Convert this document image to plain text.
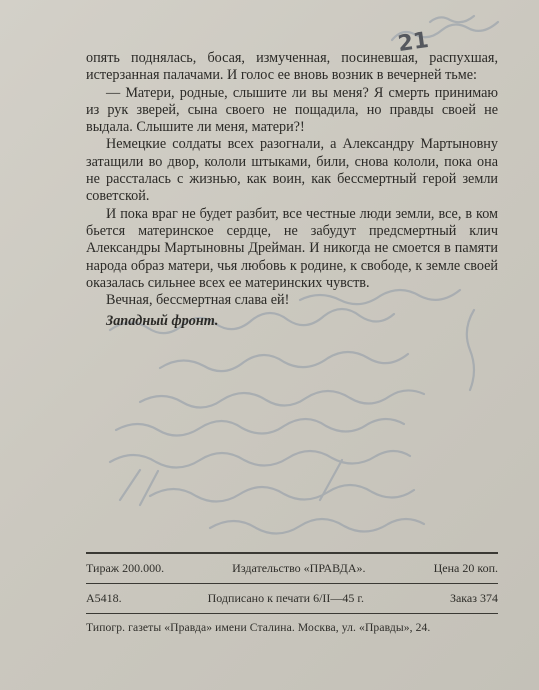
21

опять поднялась, босая, измученная, посиневшая, распухшая, истерзанная палачами. И голос ее вновь возник в вечерней тьме:

— Матери, родные, слышите ли вы меня? Я смерть принимаю из рук зверей, сына своего не пощадила, но правды своей не выдала. Слышите ли меня, матери?!

Немецкие солдаты всех разогнали, а Александру Мартыновну затащили во двор, кололи штыками, били, снова кололи, пока она не рассталась с жизнью, как воин, как бессмертный герой земли советской.

И пока враг не будет разбит, все честные люди земли, все, в ком бьется материнское сердце, не забудут предсмертный клич Александры Мартыновны Дрейман. И никогда не смоется в памяти народа образ матери, чья любовь к родине, к свободе, к земле своей оказалась сильнее всех ее материнских чувств.

Вечная, бессмертная слава ей!

Западный фронт.

Тираж 200.000.	Издательство «ПРАВДА».	Цена 20 коп.
А5418.	Подписано к печати 6/II—45 г.	Заказ 374
Типогр. газеты «Правда» имени Сталина. Москва, ул. «Правды», 24.
